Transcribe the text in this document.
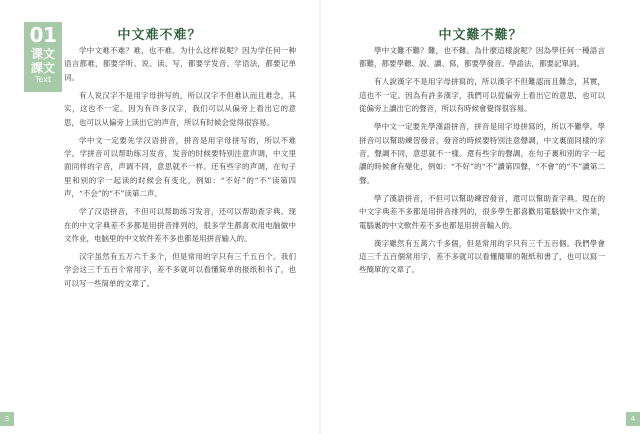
01
课文
課文
Text
中文难不难？

学中文难不难？难，也不难。为什么这样说呢？因为学任何一种语言都难，都要学听、说、读、写，都要学发音、学语法，都要记单词。

有人说汉字不是用字母拼写的，所以汉字不但难认而且难念，其实，这也不一定。因为有许多汉字，我们可以从偏旁上看出它的意思，也可以从偏旁上读出它的声音，所以有时候会觉得很容易。

学中文一定要先学汉语拼音，拼音是用字母拼写的，所以不难学。学拼音可以帮助练习发音，发音的时候要特别注意声调，中文里面同样的字音，声调不同，意思就不一样。还有些字的声调，在句子里和别的字一起读的时候会有变化，例如：“不好”的“不”读第四声，“不会”的“不”读第二声。

学了汉语拼音，不但可以帮助练习发音，还可以帮助查字典。现在的中文字典差不多都是用拼音排列的，很多学生都喜欢用电脑做中文作业，电脑里的中文软件差不多也都是用拼音输入的。

汉字虽然有五万六千多个，但是常用的字只有三千五百个。我们学会这三千五百个常用字，差不多就可以看懂简单的报纸和书了，也可以写一些简单的文章了。

3
中文難不難？

學中文難不難？難，也不難。為什麼這樣說呢？因為學任何一種語言都難，都要學聽、說、讀、寫，都要學發音、學語法，都要記單詞。

有人說漢字不是用字母拼寫的，所以漢字不但難認而且難念，其實，這也不一定。因為有許多漢字，我們可以從偏旁上看出它的意思，也可以從偏旁上讀出它的聲音，所以有時候會覺得很容易。

學中文一定要先學漢語拼音，拼音是用字母拼寫的，所以不難學。學拼音可以幫助練習發音，發音的時候要特別注意聲調，中文裏面同樣的字音，聲調不同，意思就不一樣。還有些字的聲調，在句子裏和別的字一起讀的時候會有變化，例如：“不好”的“不”讀第四聲，“不會”的“不”讀第二聲。

學了漢語拼音，不但可以幫助練習發音，還可以幫助查字典。現在的中文字典差不多都是用拼音排列的，很多學生都喜歡用電腦做中文作業，電腦裏的中文軟件差不多也都是用拼音輸入的。

漢字雖然有五萬六千多個，但是常用的字只有三千五百個。我們學會這三千五百個常用字，差不多就可以看懂簡單的報紙和書了，也可以寫一些簡單的文章了。

4
